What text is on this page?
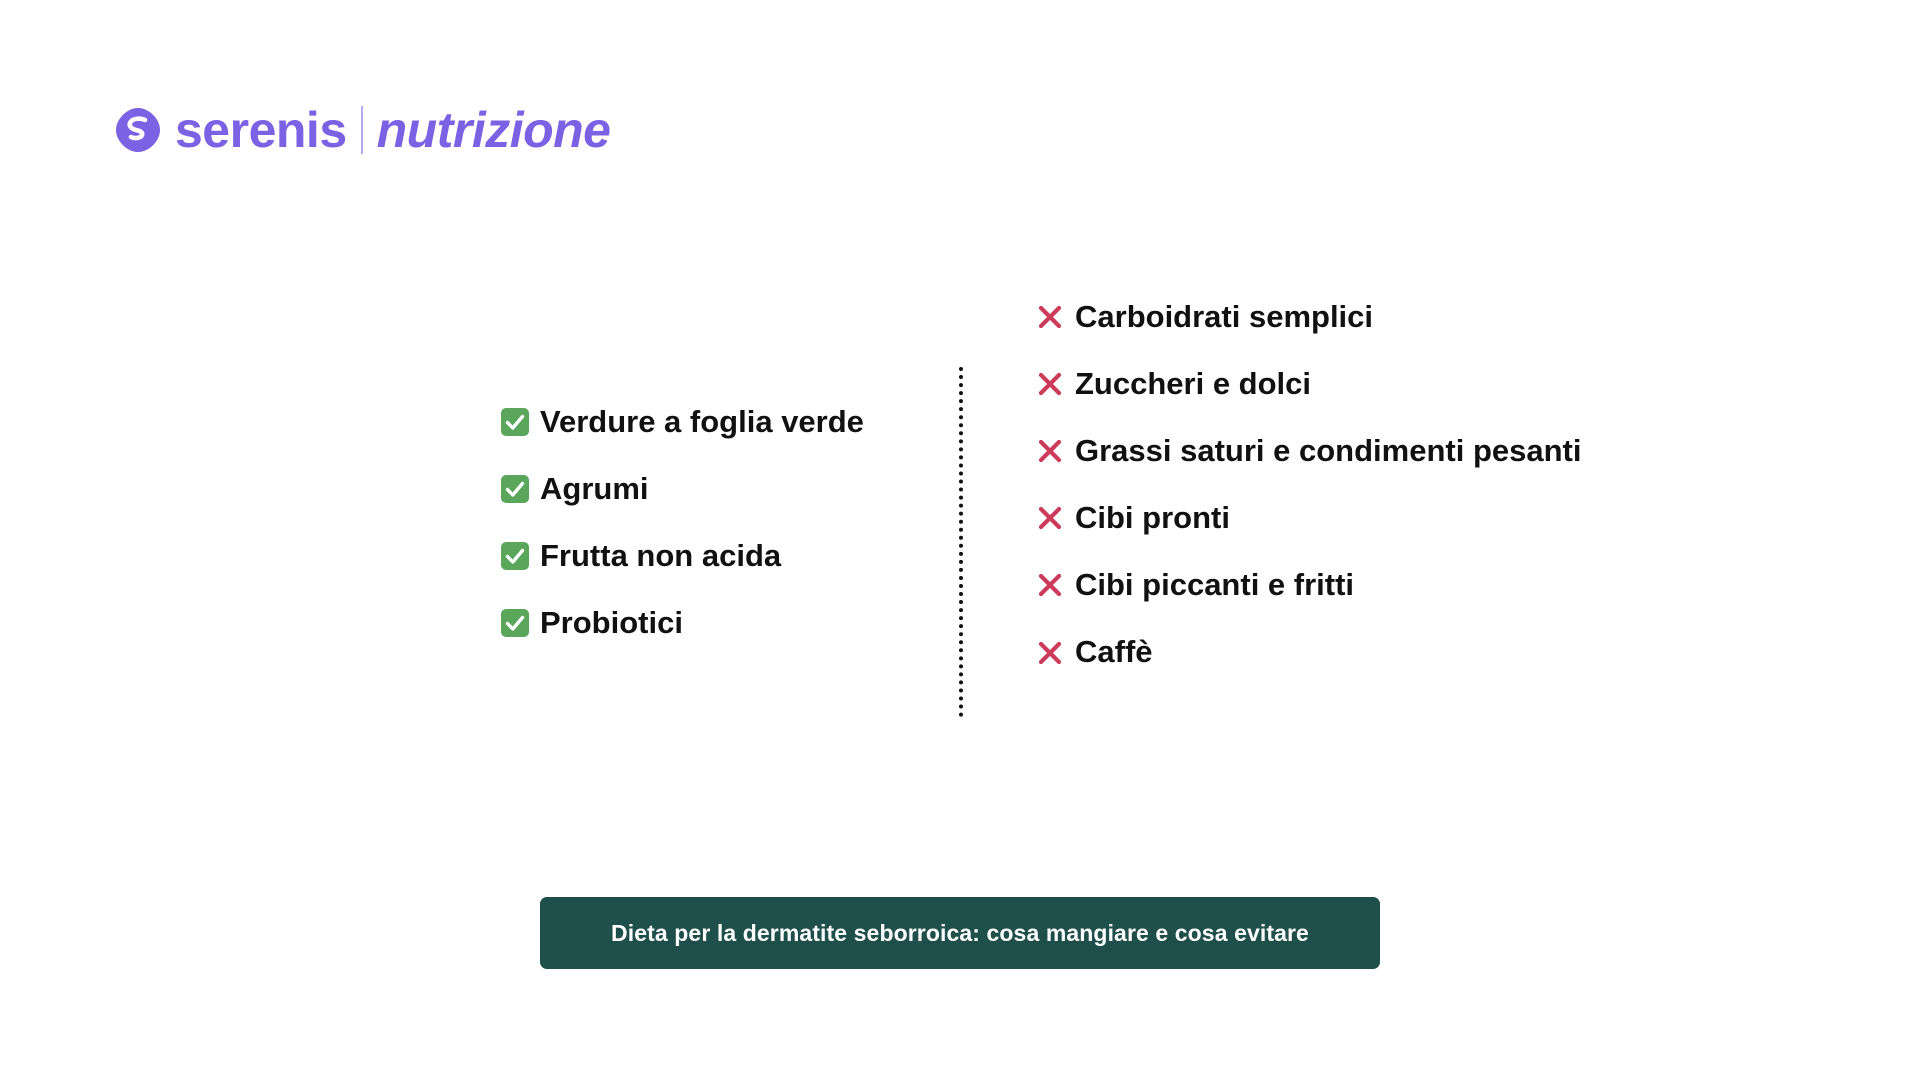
serenis nutrizione
Verdure a foglia verde
Agrumi
Frutta non acida
Probiotici
Carboidrati semplici
Zuccheri e dolci
Grassi saturi e condimenti pesanti
Cibi pronti
Cibi piccanti e fritti
Caffè
Dieta per la dermatite seborroica: cosa mangiare e cosa evitare
